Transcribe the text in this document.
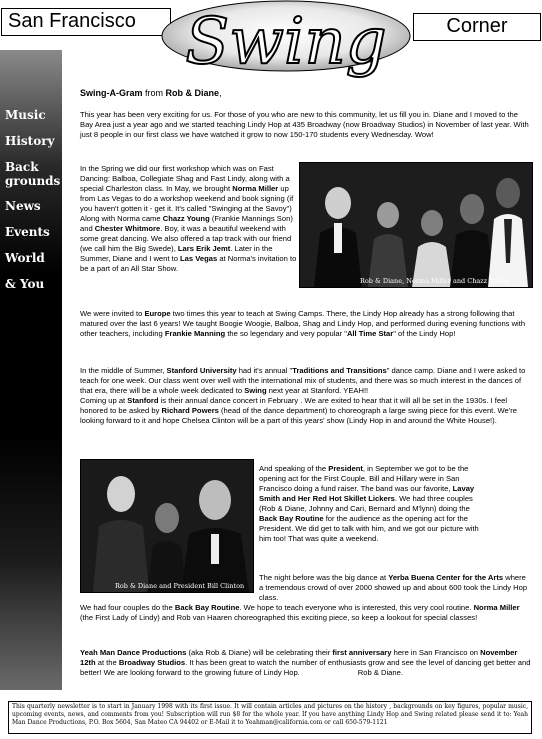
San Francisco Swing	Corner
Music
History
Back
grounds
News
Events
World
& You
Swing-A-Gram from Rob & Diane,

This year has been very exciting for us. For those of you who are new to this community, let us fill you in. Diane and I moved to the Bay Area just a year ago and we started teaching Lindy Hop at 435 Broadway (now Broadway Studios) in November of last year. With just 8 people in our first class we have watched it grow to now 150-170 students every Wednesday. Wow!

In the Spring we did our first workshop which was on Fast Dancing: Balboa, Collegiate Shag and Fast Lindy, along with a special Charleston class. In May, we brought Norma Miller up from Las Vegas to do a workshop weekend and book signing (if you haven't gotten it - get it. It's called "Swinging at the Savoy") Along with Norma came Chazz Young (Frankie Mannings Son) and Chester Whitmore. Boy, it was a beautiful weekend with some great dancing. We also offered a tap track with our friend (we call him the Big Swede), Lars Erik Jemt. Later in the Summer, Diane and I went to Las Vegas at Norma's invitation to be a part of an All Star Show.

Rob & Diane, Norma Miller and Chazz Young

We were invited to Europe two times this year to teach at Swing Camps. There, the Lindy Hop already has a strong following that matured over the last 6 years! We taught Boogie Woogie, Balboa, Shag and Lindy Hop, and performed during evening functions with other teachers, including Frankie Manning the so legendary and very popular "All Time Star" of the Lindy Hop!

In the middle of Summer, Stanford University had it's annual "Traditions and Transitions" dance camp. Diane and I were asked to teach for one week. Our class went over well with the international mix of students, and there was so much interest in the dances of that era, there will be a whole week dedicated to Swing next year at Stanford. YEAH!!
Coming up at Stanford is their annual dance concert in February . We are exited to hear that it will all be set in the 1930s. I feel honored to be asked by Richard Powers (head of the dance department) to choreograph a large swing piece for this event. We're looking forward to it and hope Chelsea Clinton will be a part of this years' show (Lindy Hop in and around the White House!).

Rob & Diane and President Bill Clinton

And speaking of the President, in September we got to be the opening act for the First Couple. Bill and Hillary were in San Francisco doing a fund raiser. The band was our favorite, Lavay Smith and Her Red Hot Skillet Lickers. We had three couples (Rob & Diane, Johnny and Cari, Bernard and M'lynn) doing the Back Bay Routine for the audience as the opening act for the President. We did get to talk with him, and we got our picture with him too! That was quite a weekend.

The night before was the big dance at Yerba Buena Center for the Arts where a tremendous crowd of over 2000 showed up and about 600 took the Lindy Hop class.
We had four couples do the Back Bay Routine. We hope to teach everyone who is interested, this very cool routine. Norma Miller (the First Lady of Lindy) and Rob van Haaren choreographed this exciting piece, so keep a lookout for special classes!

Yeah Man Dance Productions (aka Rob & Diane) will be celebrating their first anniversary here in San Francisco on November 12th at the Broadway Studios. It has been great to watch the number of enthusiasts grow and see the level of dancing get better and better! We are looking forward to the growing future of Lindy Hop.	Rob & Diane.

This quarterly newsletter is to start in January 1998 with its first issue. It will contain articles and pictures on the history , backgrounds on key figures, popular music, upcoming events, news, and comments from you! Subscription will run $8 for the whole year. If you have anything Lindy Hop and Swing related please send it to: Yeah Man Dance Productions, P.O. Box 5604, San Mateo CA 94402 or E-Mail it to Yeahman@california.com or call 650-579-1121
